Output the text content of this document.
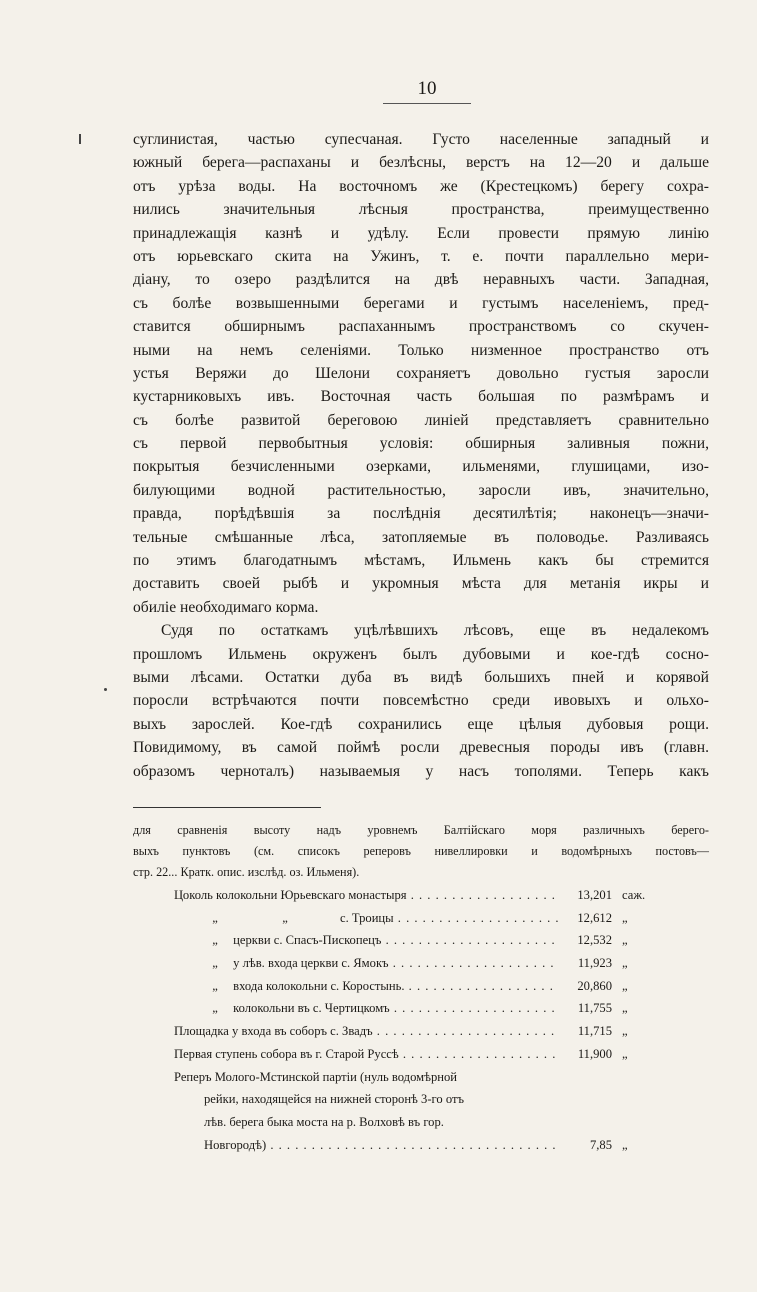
10
суглинистая, частью супесчаная. Густо населенные западный и
южный берега—распаханы и безлѣсны, верстъ на 12—20 и дальше
отъ урѣза воды. На восточномъ же (Крестецкомъ) берегу сохра-
нились значительныя лѣсныя пространства, преимущественно
принадлежащія казнѣ и удѣлу. Если провести прямую линію
отъ юрьевскаго скита на Ужинъ, т. е. почти параллельно мери-
діану, то озеро раздѣлится на двѣ неравныхъ части. Западная,
съ болѣе возвышенными берегами и густымъ населеніемъ, пред-
ставится обширнымъ распаханнымъ пространствомъ со скучен-
ными на немъ селеніями. Только низменное пространство отъ
устья Веряжи до Шелони сохраняетъ довольно густыя заросли
кустарниковыхъ ивъ. Восточная часть большая по размѣрамъ и
съ болѣе развитой береговою линіей представляетъ сравнительно
съ первой первобытныя условія: обширныя заливныя пожни,
покрытыя безчисленными озерками, ильменями, глушицами, изо-
билующими водной растительностью, заросли ивъ, значительно,
правда, порѣдѣвшія за послѣднія десятилѣтія; наконецъ—значи-
тельные смѣшанные лѣса, затопляемые въ половодье. Разливаясь
по этимъ благодатнымъ мѣстамъ, Ильмень какъ бы стремится
доставить своей рыбѣ и укромныя мѣста для метанія икры и
обиліе необходимаго корма.
Судя по остаткамъ уцѣлѣвшихъ лѣсовъ, еще въ недалекомъ
прошломъ Ильмень окруженъ былъ дубовыми и кое-гдѣ сосно-
выми лѣсами. Остатки дуба въ видѣ большихъ пней и корявой
поросли встрѣчаются почти повсемѣстно среди ивовыхъ и ольхо-
выхъ зарослей. Кое-гдѣ сохранились еще цѣлыя дубовыя рощи.
Повидимому, въ самой поймѣ росли древесныя породы ивъ (главн.
образомъ черноталъ) называемыя у насъ тополями. Теперь какъ
для сравненія высоту надъ уровнемъ Балтійскаго моря различныхъ берего-
выхъ пунктовъ (см. списокъ реперовъ нивеллировки и водомѣрныхъ постовъ—
стр. 22... Кратк. опис. изслѣд. оз. Ильменя).
Цоколь колокольни Юрьевскаго монастыря . . .	13,201 саж.
„	„	с. Троицы . . .	12,612 „
„ церкви с. Спасъ-Пископецъ . . .	12,532 „
„ у лѣв. входа церкви с. Ямокъ . . .	11,923 „
„ входа колокольни с. Коростынь. . . .	20,860 „
„ колокольни въ с. Чертицкомъ . . .	11,755 „
Площадка у входа въ соборъ с. Звадъ . . .	11,715 „
Первая ступень собора въ г. Старой Руссѣ . . .	11,900 „
Реперъ Молого-Мстинской партіи (нуль водомѣрной
рейки, находящейся на нижней сторонѣ 3-го отъ
лѣв. берега быка моста на р. Волховѣ въ гор.
Новгородѣ) . . .	7,85 „
